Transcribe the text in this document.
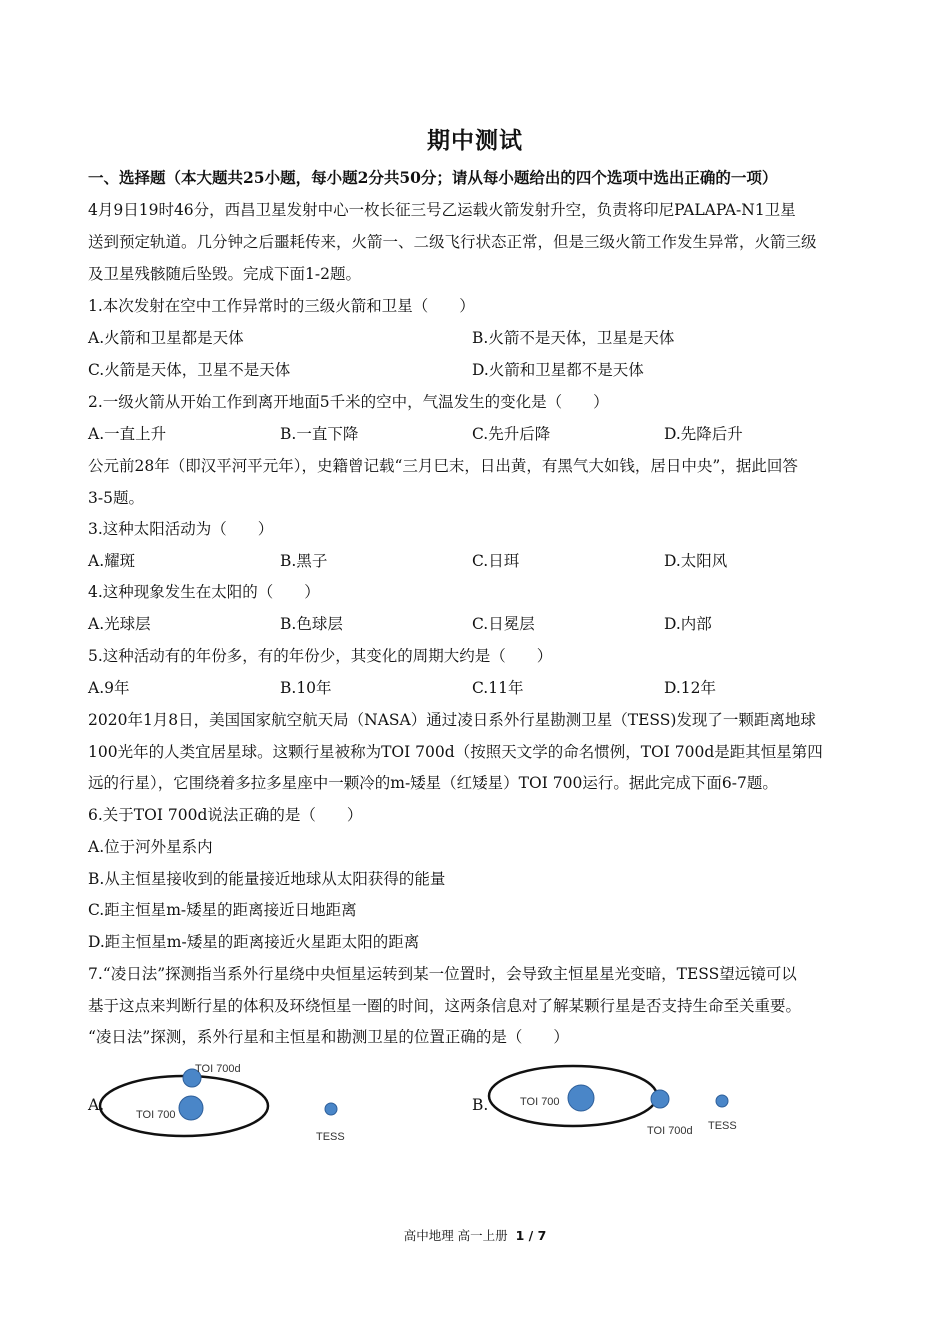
期中测试
一、选择题（本大题共25小题，每小题2分共50分；请从每小题给出的四个选项中选出正确的一项）
4月9日19时46分，西昌卫星发射中心一枚长征三号乙运载火箭发射升空，负责将印尼PALAPA-N1卫星
送到预定轨道。几分钟之后噩耗传来，火箭一、二级飞行状态正常，但是三级火箭工作发生异常，火箭三级
及卫星残骸随后坠毁。完成下面1-2题。
1.本次发射在空中工作异常时的三级火箭和卫星（　　）
A.火箭和卫星都是天体	B.火箭不是天体，卫星是天体
C.火箭是天体，卫星不是天体	D.火箭和卫星都不是天体
2.一级火箭从开始工作到离开地面5千米的空中，气温发生的变化是（　　）
A.一直上升	B.一直下降	C.先升后降	D.先降后升
公元前28年（即汉平河平元年），史籍曾记载“三月巳末，日出黄，有黑气大如钱，居日中央”，据此回答
3-5题。
3.这种太阳活动为（　　）
A.耀斑	B.黑子	C.日珥	D.太阳风
4.这种现象发生在太阳的（　　）
A.光球层	B.色球层	C.日冕层	D.内部
5.这种活动有的年份多，有的年份少，其变化的周期大约是（　　）
A.9年	B.10年	C.11年	D.12年
2020年1月8日，美国国家航空航天局（NASA）通过凌日系外行星勘测卫星（TESS)发现了一颗距离地球
100光年的人类宜居星球。这颗行星被称为TOI 700d（按照天文学的命名惯例，TOI 700d是距其恒星第四
远的行星），它围绕着多拉多星座中一颗冷的m-矮星（红矮星）TOI 700运行。据此完成下面6-7题。
6.关于TOI 700d说法正确的是（　　）
A.位于河外星系内
B.从主恒星接收到的能量接近地球从太阳获得的能量
C.距主恒星m-矮星的距离接近日地距离
D.距主恒星m-矮星的距离接近火星距太阳的距离
7.“凌日法”探测指当系外行星绕中央恒星运转到某一位置时，会导致主恒星星光变暗，TESS望远镜可以
基于这点来判断行星的体积及环绕恒星一圈的时间，这两条信息对了解某颗行星是否支持生命至关重要。
“凌日法”探测，系外行星和主恒星和勘测卫星的位置正确的是（　　）
A.
TOI 700d
TOI 700
TESS
B.	TOI 700
TOI 700d TESS
高中地理 高一上册 1 / 7
